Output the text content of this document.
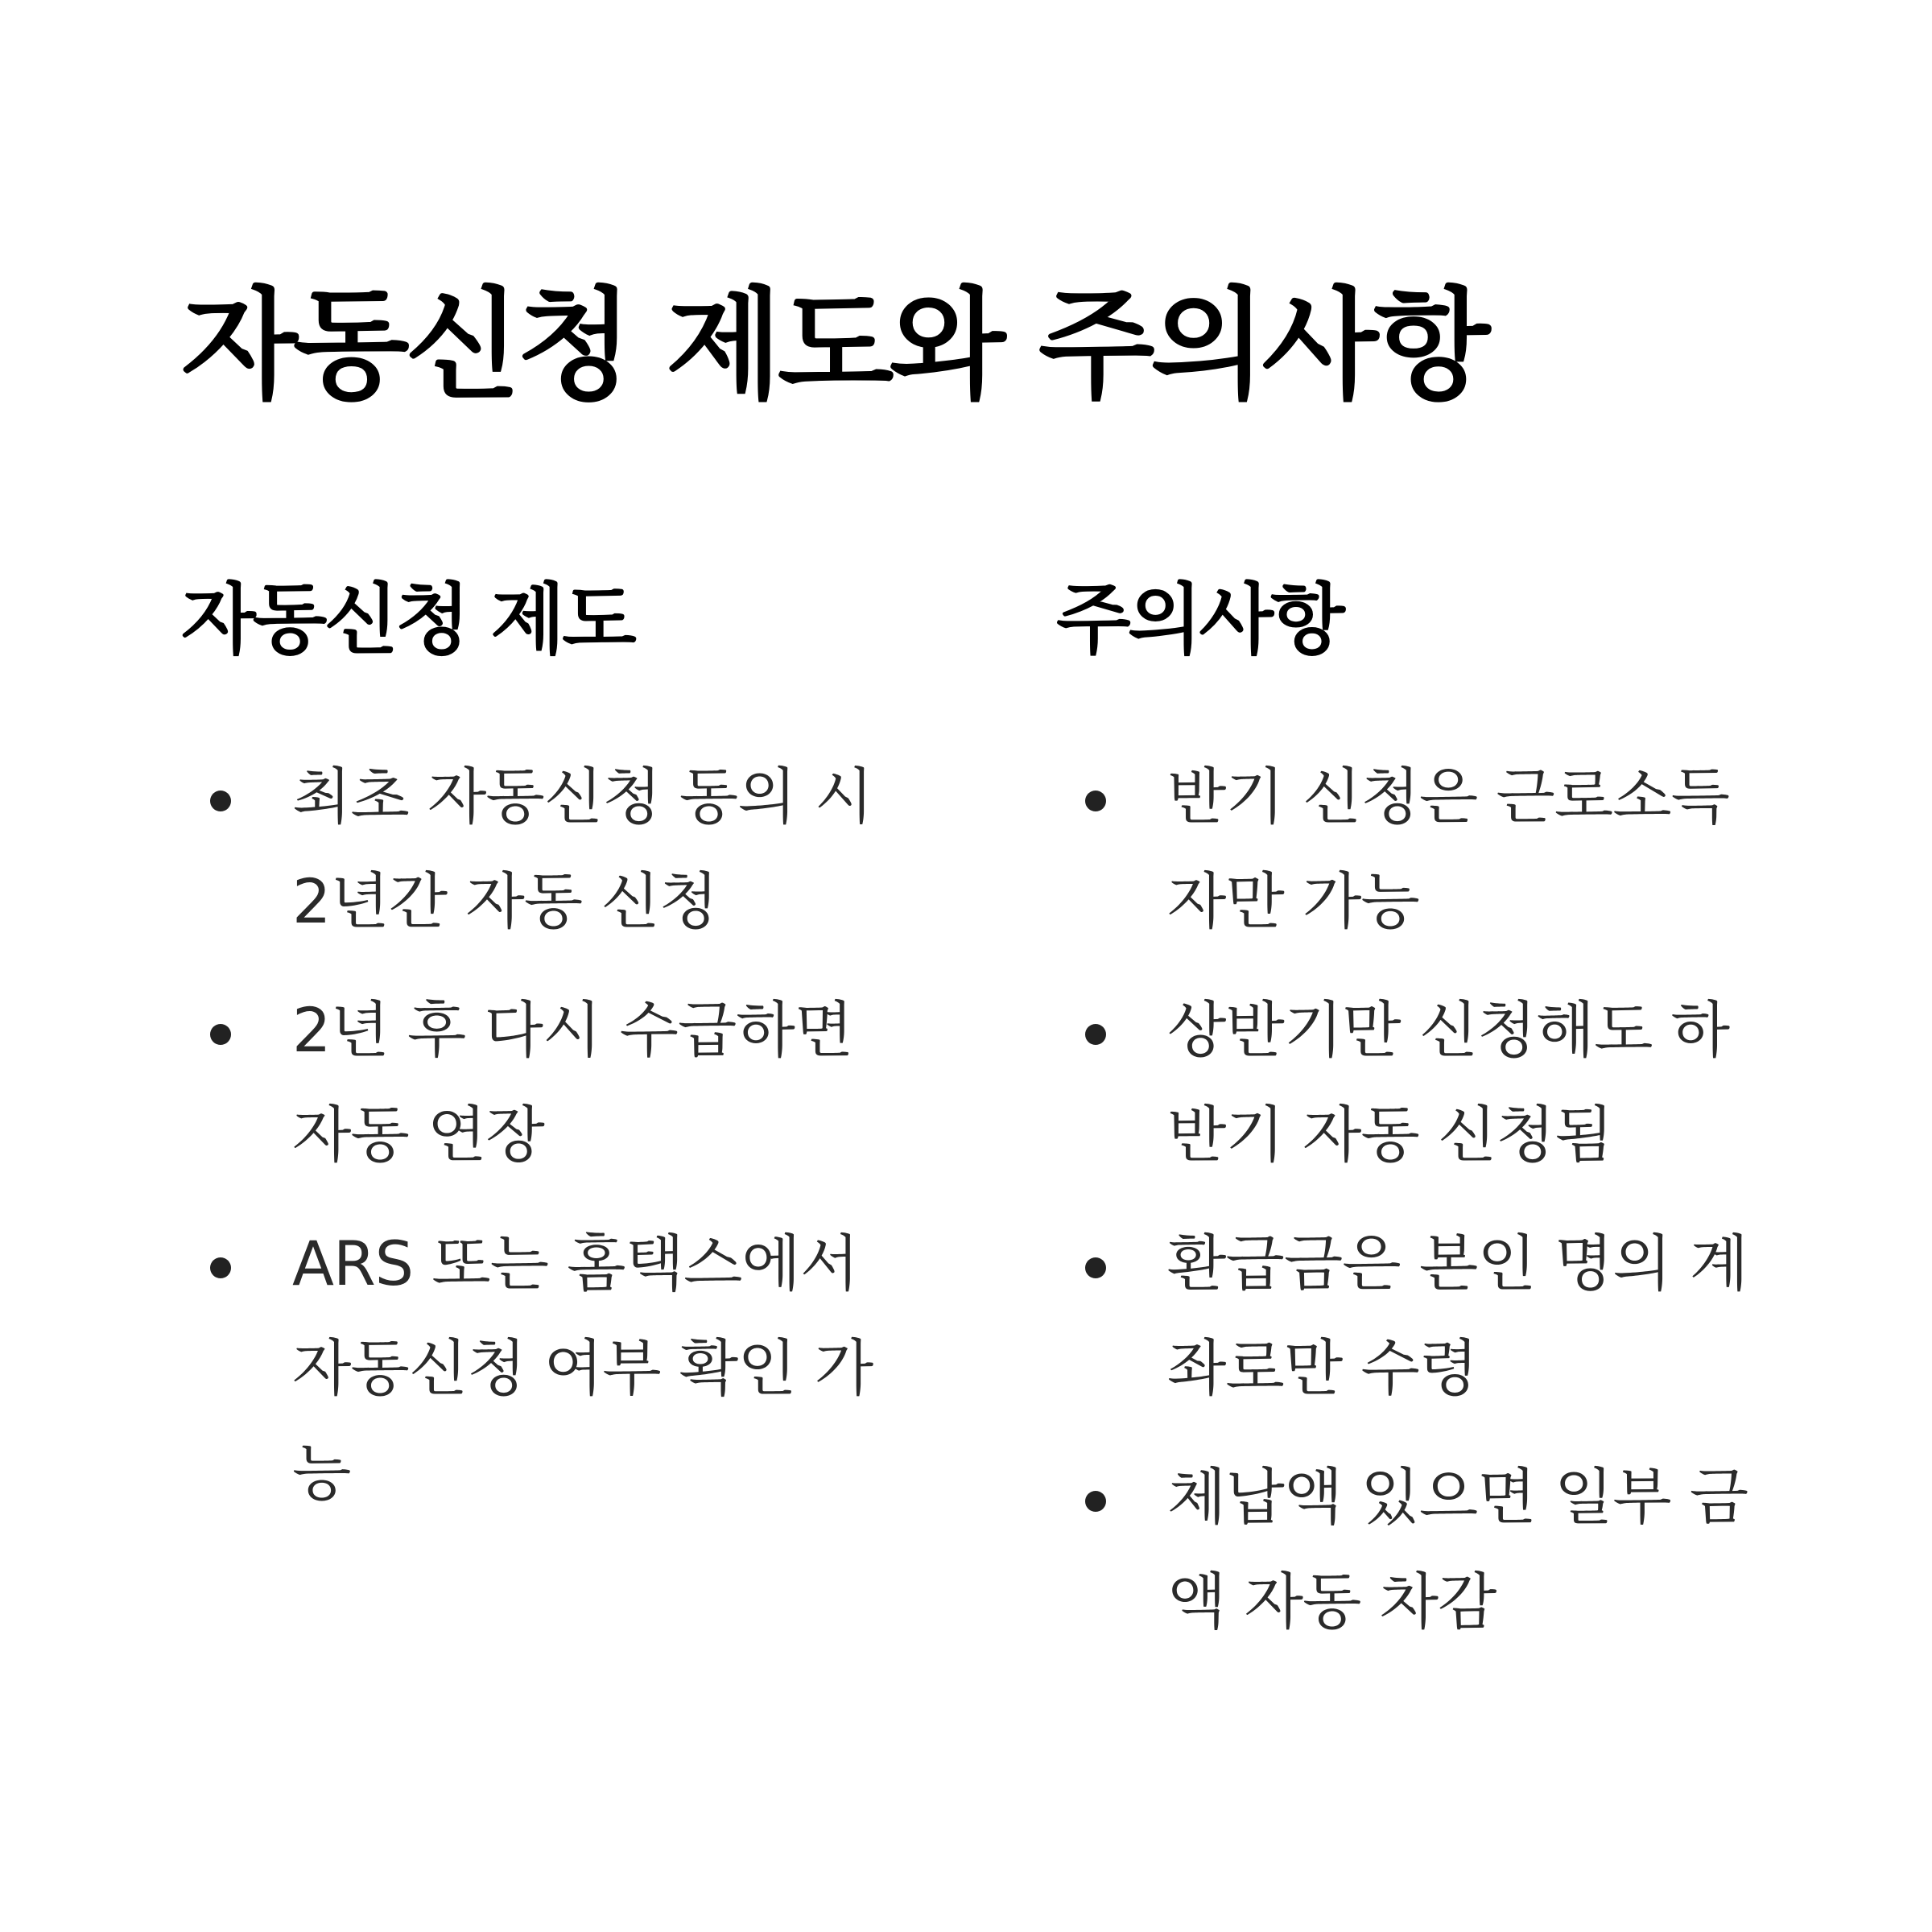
자동신청 제도와 주의사항
자동신청 제도
최초 자동신청 동의 시 2년간 자동 신청
2년 후 다시 수급하면 자동 연장
ARS 또는 홈택스에서 자동신청 여부 확인 가능
주의사항
반기 신청은 근로소득자만 가능
상반기만 신청해도 하반기 자동 신청됨
환급금은 본인 명의 계좌로만 수령
체납액 있으면 일부 금액 자동 차감
